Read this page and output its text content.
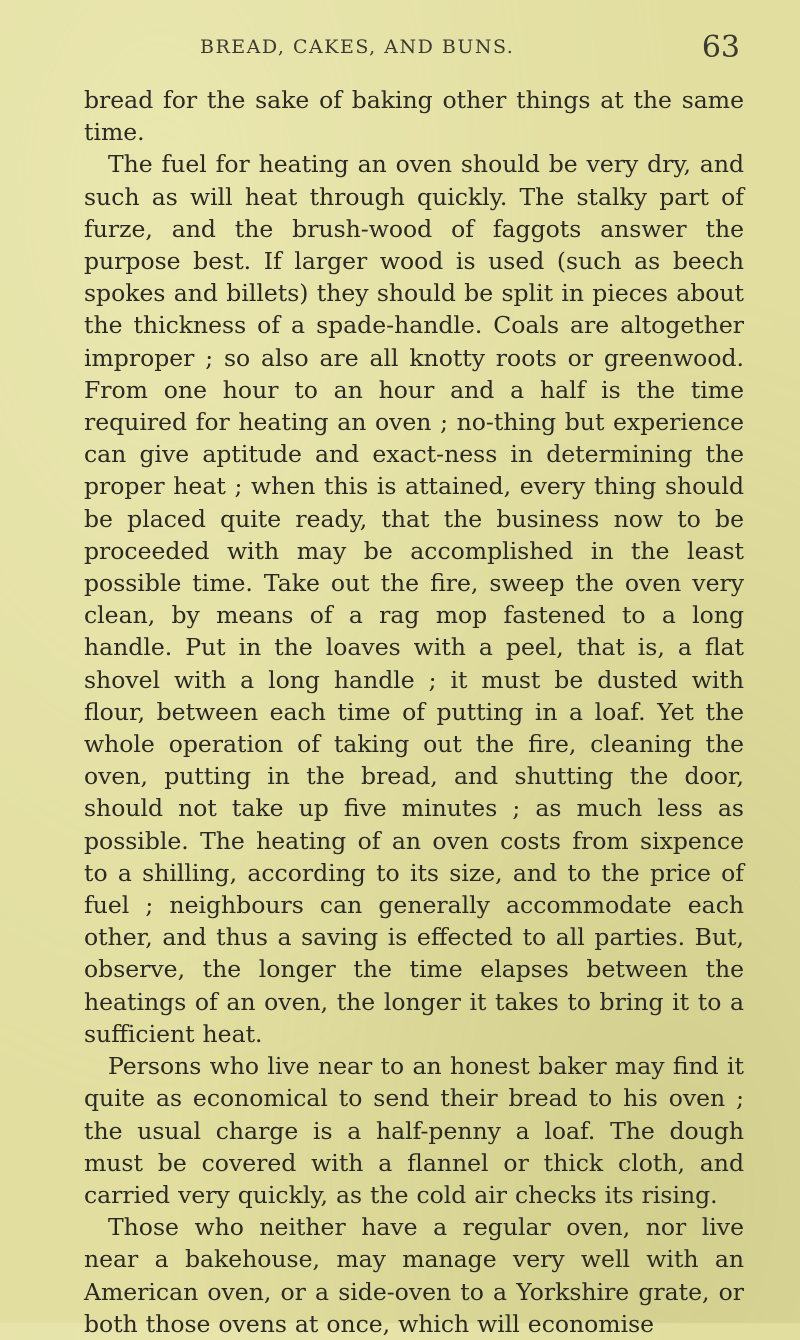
BREAD, CAKES, AND BUNS.	63

bread for the sake of baking other things at the same time.

The fuel for heating an oven should be very dry, and such as will heat through quickly. The stalky part of furze, and the brush-wood of faggots answer the purpose best. If larger wood is used (such as beech spokes and billets) they should be split in pieces about the thickness of a spade-handle. Coals are altogether improper ; so also are all knotty roots or greenwood. From one hour to an hour and a half is the time required for heating an oven ; no-thing but experience can give aptitude and exact-ness in determining the proper heat ; when this is attained, every thing should be placed quite ready, that the business now to be proceeded with may be accomplished in the least possible time. Take out the fire, sweep the oven very clean, by means of a rag mop fastened to a long handle. Put in the loaves with a peel, that is, a flat shovel with a long handle ; it must be dusted with flour, between each time of putting in a loaf. Yet the whole operation of taking out the fire, cleaning the oven, putting in the bread, and shutting the door, should not take up five minutes ; as much less as possible. The heating of an oven costs from sixpence to a shilling, according to its size, and to the price of fuel ; neighbours can generally accommodate each other, and thus a saving is effected to all parties. But, observe, the longer the time elapses between the heatings of an oven, the longer it takes to bring it to a sufficient heat.

Persons who live near to an honest baker may find it quite as economical to send their bread to his oven ; the usual charge is a half-penny a loaf. The dough must be covered with a flannel or thick cloth, and carried very quickly, as the cold air checks its rising.

Those who neither have a regular oven, nor live near a bakehouse, may manage very well with an American oven, or a side-oven to a Yorkshire grate, or both those ovens at once, which will economise
